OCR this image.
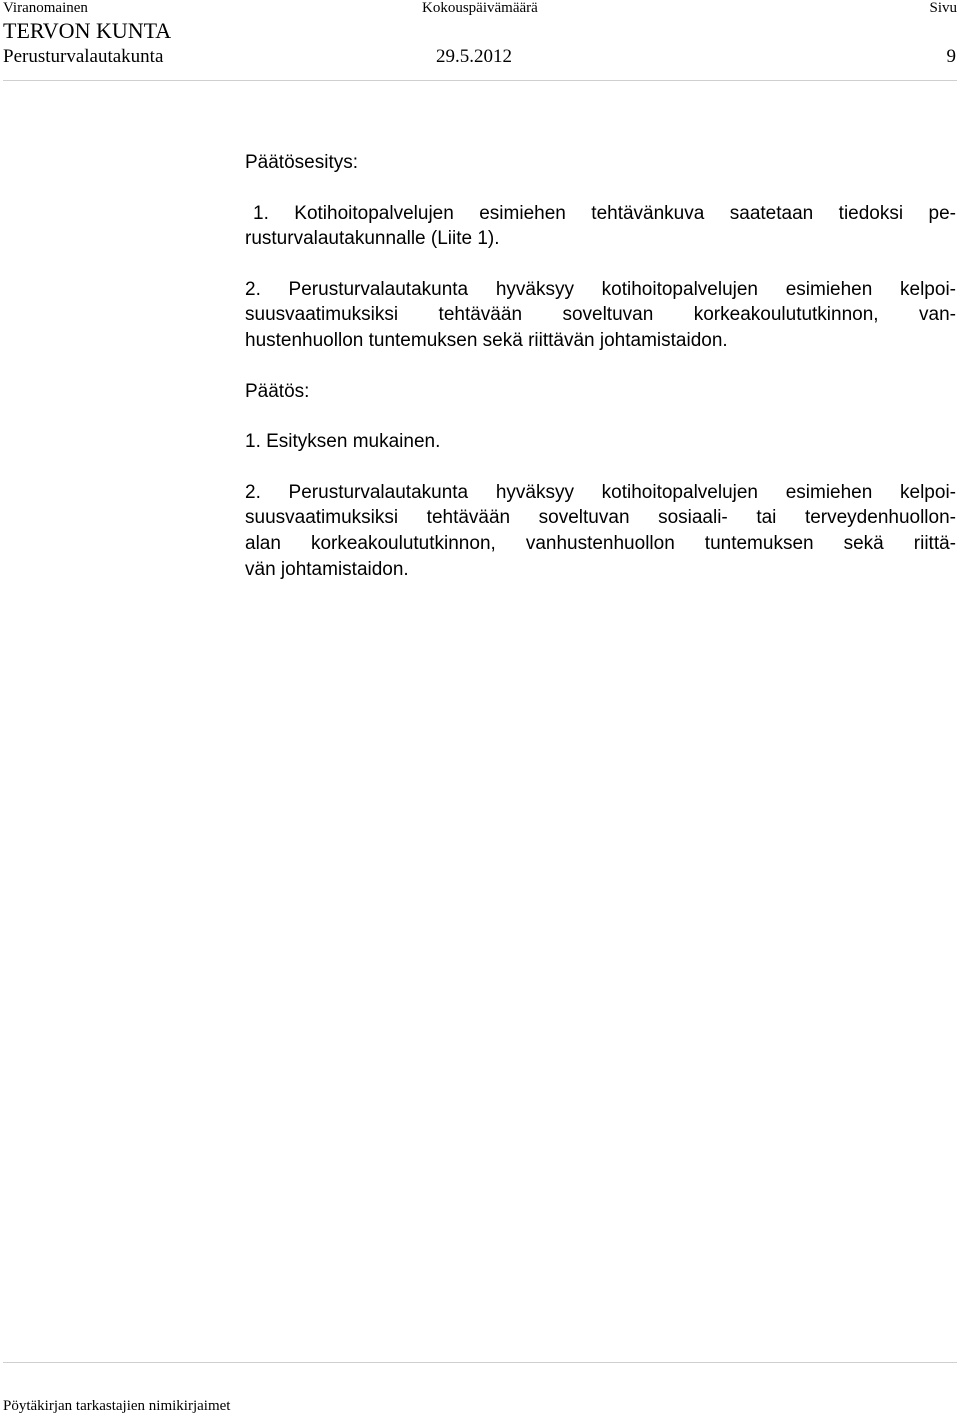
Viranomainen	Kokouspäivämäärä	Sivu
TERVON KUNTA
Perusturvalautakunta	29.5.2012	9

Päätösesitys:

1. Kotihoitopalvelujen esimiehen tehtävänkuva saatetaan tiedoksi pe-
rusturvalautakunnalle (Liite 1).
2. Perusturvalautakunta hyväksyy kotihoitopalvelujen esimiehen kelpoi-
suusvaatimuksiksi tehtävään soveltuvan korkeakoulututkinnon, van-
hustenhuollon tuntemuksen sekä riittävän johtamistaidon.

Päätös:

1. Esityksen mukainen.

2. Perusturvalautakunta hyväksyy kotihoitopalvelujen esimiehen kelpoi-
suusvaatimuksiksi tehtävään soveltuvan sosiaali- tai terveydenhuollon-
alan korkeakoulututkinnon, vanhustenhuollon tuntemuksen sekä riittä-
vän johtamistaidon.
Pöytäkirjan tarkastajien nimikirjaimet
